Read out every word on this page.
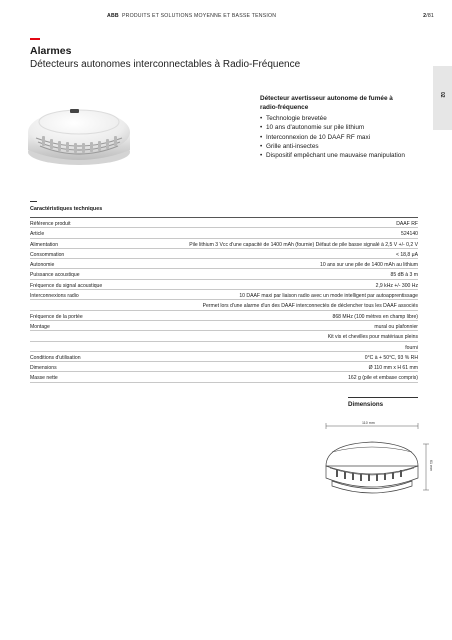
ABB PRODUITS ET SOLUTIONS MOYENNE ET BASSE TENSION	2/81
Alarmes
Détecteurs autonomes interconnectables à Radio-Fréquence
02
Détecteur avertisseur autonome de fumée à radio-fréquence
• Technologie brevetée
• 10 ans d'autonomie sur pile lithium
• Interconnexion de 10 DAAF RF maxi
• Grille anti-insectes
• Dispositif empêchant une mauvaise manipulation
Caractéristiques techniques
Référence produit	DAAF RF
Article	524140
Alimentation	Pile lithium 3 Vcc d'une capacité de 1400 mAh (fournie) Défaut de pile basse signalé à 2,5 V +/- 0,2 V
Consommation	< 18,8 μA
Autonomie	10 ans sur une pile de 1400 mAh au lithium
Puissance acoustique	85 dB à 3 m
Fréquence du signal acoustique	2,9 kHz +/- 300 Hz
Interconnexions radio	10 DAAF maxi par liaison radio avec un mode intelligent par autoapprentissage
Permet lors d'une alarme d'un des DAAF interconnectés de déclencher tous les DAAF associés
Fréquence de la portée	868 MHz (100 mètres en champ libre)
Montage	mural ou plafonnier
Kit vis et chevilles pour matériaux pleins
fourni
Conditions d'utilisation	0°C à + 50°C, 93 % RH
Dimensions	Ø 110 mm x H 61 mm
Masse nette	162 g (pile et embase compris)
Dimensions
110 mm
61 mm
